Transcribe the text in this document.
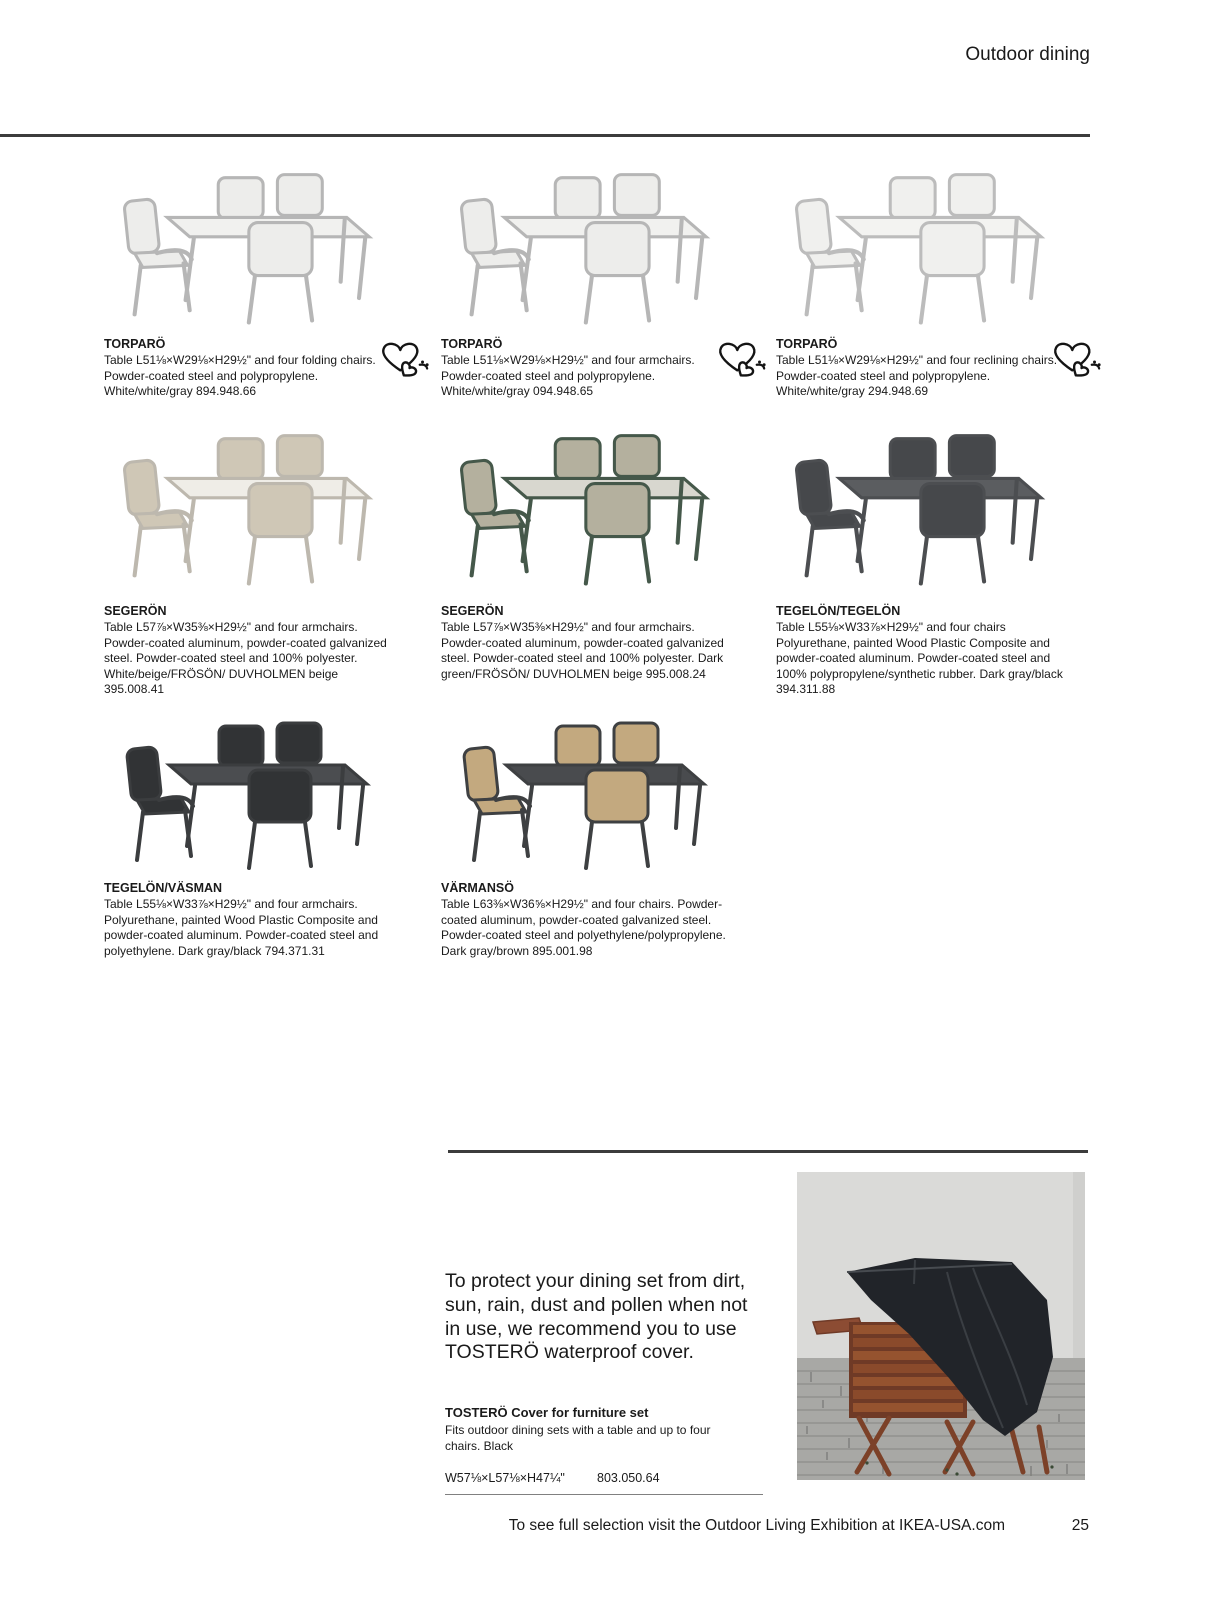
Outdoor dining
TORPARÖ

Table L51⅛×W29⅛×H29½" and four folding chairs. Powder-coated steel and polypropylene. White/white/gray 894.948.66

TORPARÖ

Table L51⅛×W29⅛×H29½" and four armchairs. Powder-coated steel and polypropylene. White/white/gray 094.948.65

TORPARÖ

Table L51⅛×W29⅛×H29½" and four reclining chairs. Powder-coated steel and polypropylene. White/white/gray 294.948.69

SEGERÖN

Table L57⅞×W35⅜×H29½" and four armchairs. Powder-coated aluminum, powder-coated galvanized steel. Powder-coated steel and 100% polyester. White/beige/FRÖSÖN/ DUVHOLMEN beige 395.008.41

SEGERÖN

Table L57⅞×W35⅜×H29½" and four armchairs. Powder-coated aluminum, powder-coated galvanized steel. Powder-coated steel and 100% polyester. Dark green/FRÖSÖN/ DUVHOLMEN beige 995.008.24

TEGELÖN/TEGELÖN

Table L55⅛×W33⅞×H29½" and four chairs Polyurethane, painted Wood Plastic Composite and powder-coated aluminum. Powder-coated steel and 100% polypropylene/synthetic rubber. Dark gray/black 394.311.88

TEGELÖN/VÄSMAN

Table L55⅛×W33⅞×H29½" and four armchairs. Polyurethane, painted Wood Plastic Composite and powder-coated aluminum. Powder-coated steel and polyethylene. Dark gray/black 794.371.31

VÄRMANSÖ

Table L63⅜×W36⅝×H29½" and four chairs. Powder-coated aluminum, powder-coated galvanized steel. Powder-coated steel and polyethylene/polypropylene. Dark gray/brown 895.001.98

To protect your dining set from dirt, sun, rain, dust and pollen when not in use, we recommend you to use TOSTERÖ waterproof cover.
TOSTERÖ Cover for furniture set

Fits outdoor dining sets with a table and up to four chairs. Black

W57⅛×L57⅛×H47¼"	803.050.64
To see full selection visit the Outdoor Living Exhibition at IKEA-USA.com	25
